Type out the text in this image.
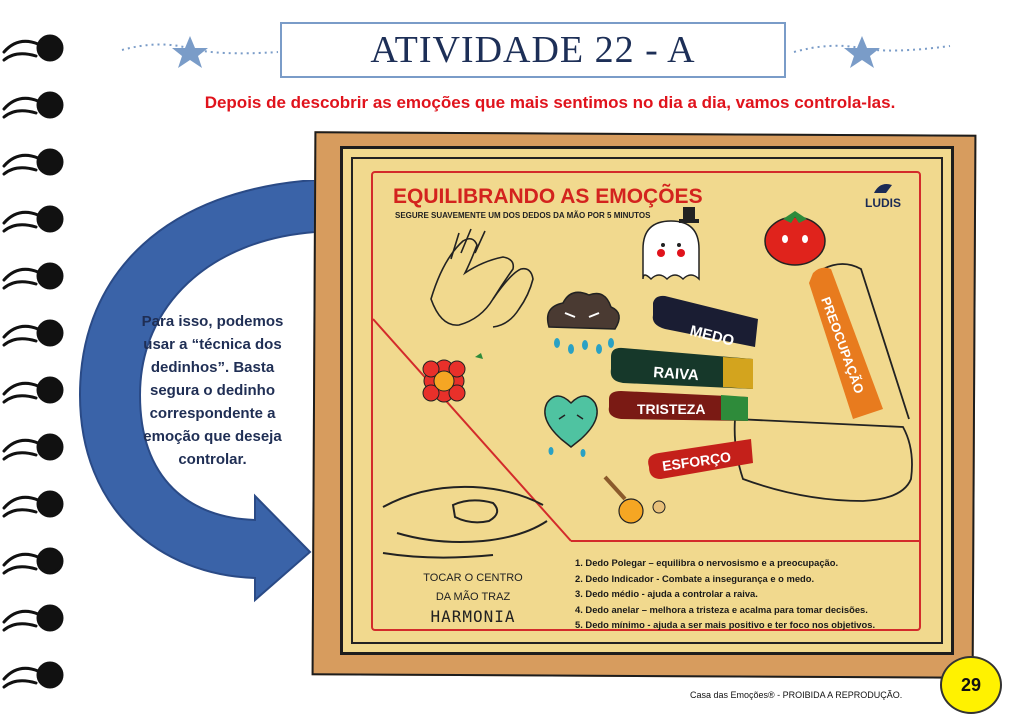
ATIVIDADE 22 - A
Depois de descobrir as emoções que mais sentimos no dia a dia, vamos controla-las.
Para isso, podemos usar a “técnica dos dedinhos”. Basta segura o dedinho correspondente a emoção que deseja controlar.
MEDO
RAIVA
TRISTEZA
ESFORÇO
PREOCUPAÇÃO
EQUILIBRANDO AS EMOÇÕES
SEGURE SUAVEMENTE UM DOS DEDOS DA MÃO POR 5 MINUTOS
LUDIS
TOCAR O CENTRO
DA MÃO TRAZ
HARMONIA
1. Dedo Polegar – equilibra o nervosismo e a preocupação.
2. Dedo Indicador - Combate a insegurança e o medo.
3. Dedo médio - ajuda a controlar a raiva.
4. Dedo anelar – melhora a tristeza e acalma para tomar decisões.
5. Dedo mínimo - ajuda a ser mais positivo e ter foco nos objetivos.
Casa das Emoções® - PROIBIDA A REPRODUÇÃO.
29
